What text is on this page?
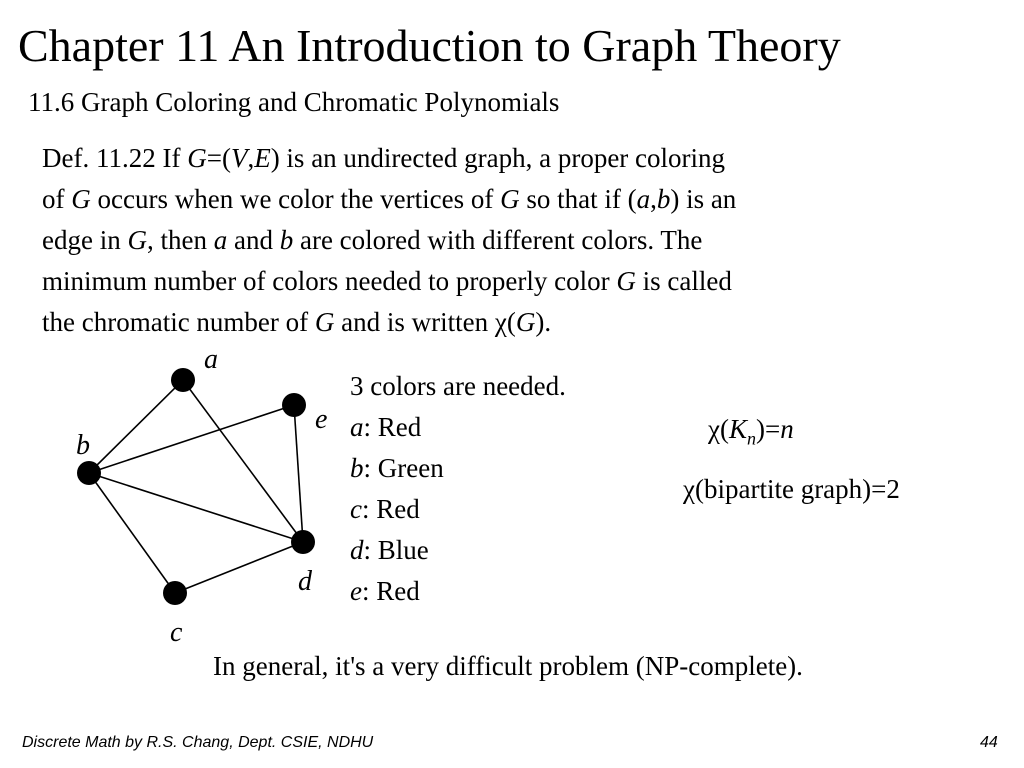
Chapter 11 An Introduction to Graph Theory
11.6 Graph Coloring and Chromatic Polynomials
Def. 11.22 If G=(V,E) is an undirected graph, a proper coloring
of G occurs when we color the vertices of G so that if (a,b) is an
edge in G, then a and b are colored with different colors. The
minimum number of colors needed to properly color G is called
the chromatic number of G and is written χ(G).
a
b
c
d
e
3 colors are needed.
a: Red
b: Green
c: Red
d: Blue
e: Red
$\chi(K_n)=n$
χ(bipartite graph)=2
In general, it's a very difficult problem (NP-complete).
Discrete Math by R.S. Chang, Dept. CSIE, NDHU	44
